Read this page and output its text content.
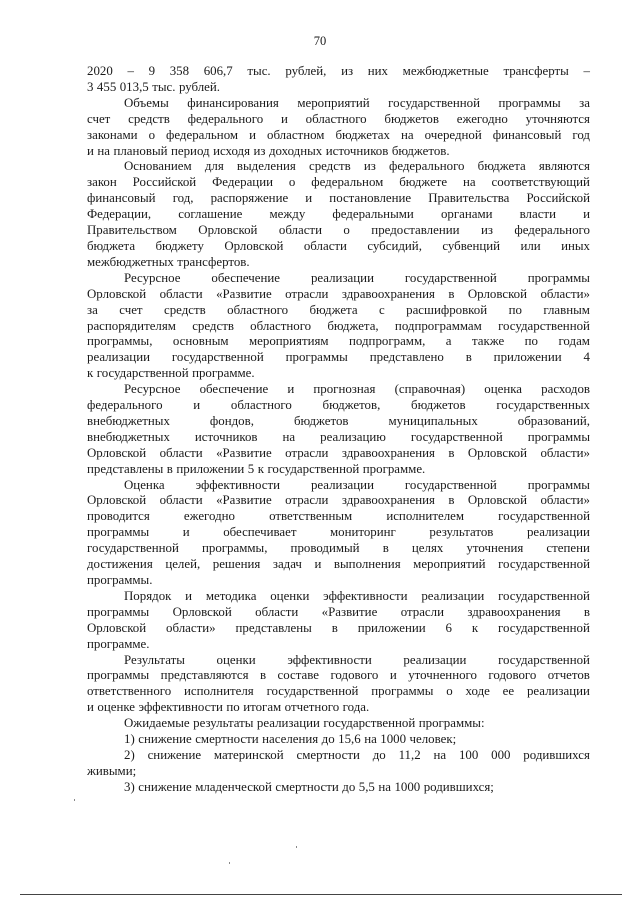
70
2020 – 9 358 606,7 тыс. рублей, из них межбюджетные трансферты –
3 455 013,5 тыс. рублей.
Объемы финансирования мероприятий государственной программы за
счет средств федерального и областного бюджетов ежегодно уточняются
законами о федеральном и областном бюджетах на очередной финансовый год
и на плановый период исходя из доходных источников бюджетов.
Основанием для выделения средств из федерального бюджета являются
закон Российской Федерации о федеральном бюджете на соответствующий
финансовый год, распоряжение и постановление Правительства Российской
Федерации, соглашение между федеральными органами власти и
Правительством Орловской области о предоставлении из федерального
бюджета бюджету Орловской области субсидий, субвенций или иных
межбюджетных трансфертов.
Ресурсное обеспечение реализации государственной программы
Орловской области «Развитие отрасли здравоохранения в Орловской области»
за счет средств областного бюджета с расшифровкой по главным
распорядителям средств областного бюджета, подпрограммам государственной
программы, основным мероприятиям подпрограмм, а также по годам
реализации государственной программы представлено в приложении 4
к государственной программе.
Ресурсное обеспечение и прогнозная (справочная) оценка расходов
федерального и областного бюджетов, бюджетов государственных
внебюджетных	фондов,	бюджетов	муниципальных	образований,
внебюджетных источников на реализацию государственной программы
Орловской области «Развитие отрасли здравоохранения в Орловской области»
представлены в приложении 5 к государственной программе.
Оценка эффективности реализации государственной программы
Орловской области «Развитие отрасли здравоохранения в Орловской области»
проводится	ежегодно	ответственным	исполнителем	государственной
программы	и	обеспечивает	мониторинг	результатов	реализации
государственной программы, проводимый в целях уточнения степени
достижения целей, решения задач и выполнения мероприятий государственной
программы.
Порядок и методика оценки эффективности реализации государственной
программы Орловской области «Развитие отрасли здравоохранения в
Орловской области» представлены в приложении 6 к государственной
программе.
Результаты оценки эффективности реализации государственной
программы представляются в составе годового и уточненного годового отчетов
ответственного исполнителя государственной программы о ходе ее реализации
и оценке эффективности по итогам отчетного года.
Ожидаемые результаты реализации государственной программы:
1) снижение смертности населения до 15,6 на 1000 человек;
2) снижение материнской смертности до 11,2 на 100 000 родившихся
живыми;
3) снижение младенческой смертности до 5,5 на 1000 родившихся;
